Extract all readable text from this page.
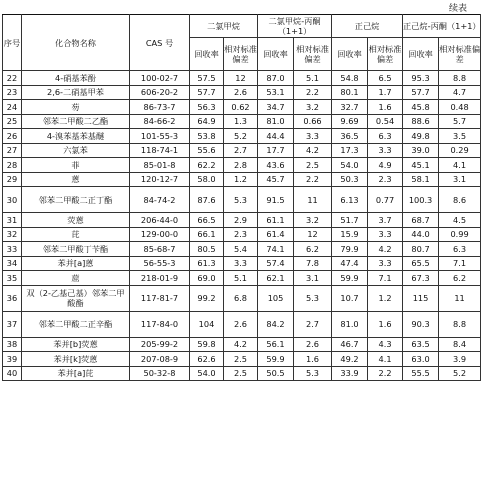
续表
序号	化合物名称	CAS 号	二氯甲烷		二氯甲烷-丙酮（1+1）		正己烷		正己烷-丙酮（1+1）	

			回收率	相对标准偏差	回收率	相对标准偏差	回收率	相对标准偏差	回收率	相对标准偏差
22	4-硝基苯酚	100-02-7	57.5	12	87.0	5.1	54.8	6.5	95.3	8.8
23	2,6-二硝基甲苯	606-20-2	57.7	2.6	53.1	2.2	80.1	1.7	57.7	4.7
24	芴	86-73-7	56.3	0.62	34.7	3.2	32.7	1.6	45.8	0.48
25	邻苯二甲酸二乙酯	84-66-2	64.9	1.3	81.0	0.66	9.69	0.54	88.6	5.7
26	4-溴苯基苯基醚	101-55-3	53.8	5.2	44.4	3.3	36.5	6.3	49.8	3.5
27	六氯苯	118-74-1	55.6	2.7	17.7	4.2	17.3	3.3	39.0	0.29
28	菲	85-01-8	62.2	2.8	43.6	2.5	54.0	4.9	45.1	4.1
29	蒽	120-12-7	58.0	1.2	45.7	2.2	50.3	2.3	58.1	3.1
30	邻苯二甲酸二正丁酯	84-74-2	87.6	5.3	91.5	11	6.13	0.77	100.3	8.6
31	荧蒽	206-44-0	66.5	2.9	61.1	3.2	51.7	3.7	68.7	4.5
32	芘	129-00-0	66.1	2.3	61.4	12	15.9	3.3	44.0	0.99
33	邻苯二甲酸丁苄酯	85-68-7	80.5	5.4	74.1	6.2	79.9	4.2	80.7	6.3
34	苯并[a]蒽	56-55-3	61.3	3.3	57.4	7.8	47.4	3.3	65.5	7.1
35	䓛	218-01-9	69.0	5.1	62.1	3.1	59.9	7.1	67.3	6.2
36	双（2-乙基己基）邻苯二甲酸酯	117-81-7	99.2	6.8	105	5.3	10.7	1.2	115	11
37	邻苯二甲酸二正辛酯	117-84-0	104	2.6	84.2	2.7	81.0	1.6	90.3	8.8
38	苯并[b]荧蒽	205-99-2	59.8	4.2	56.1	2.6	46.7	4.3	63.5	8.4
39	苯并[k]荧蒽	207-08-9	62.6	2.5	59.9	1.6	49.2	4.1	63.0	3.9
40	苯并[a]芘	50-32-8	54.0	2.5	50.5	5.3	33.9	2.2	55.5	5.2
